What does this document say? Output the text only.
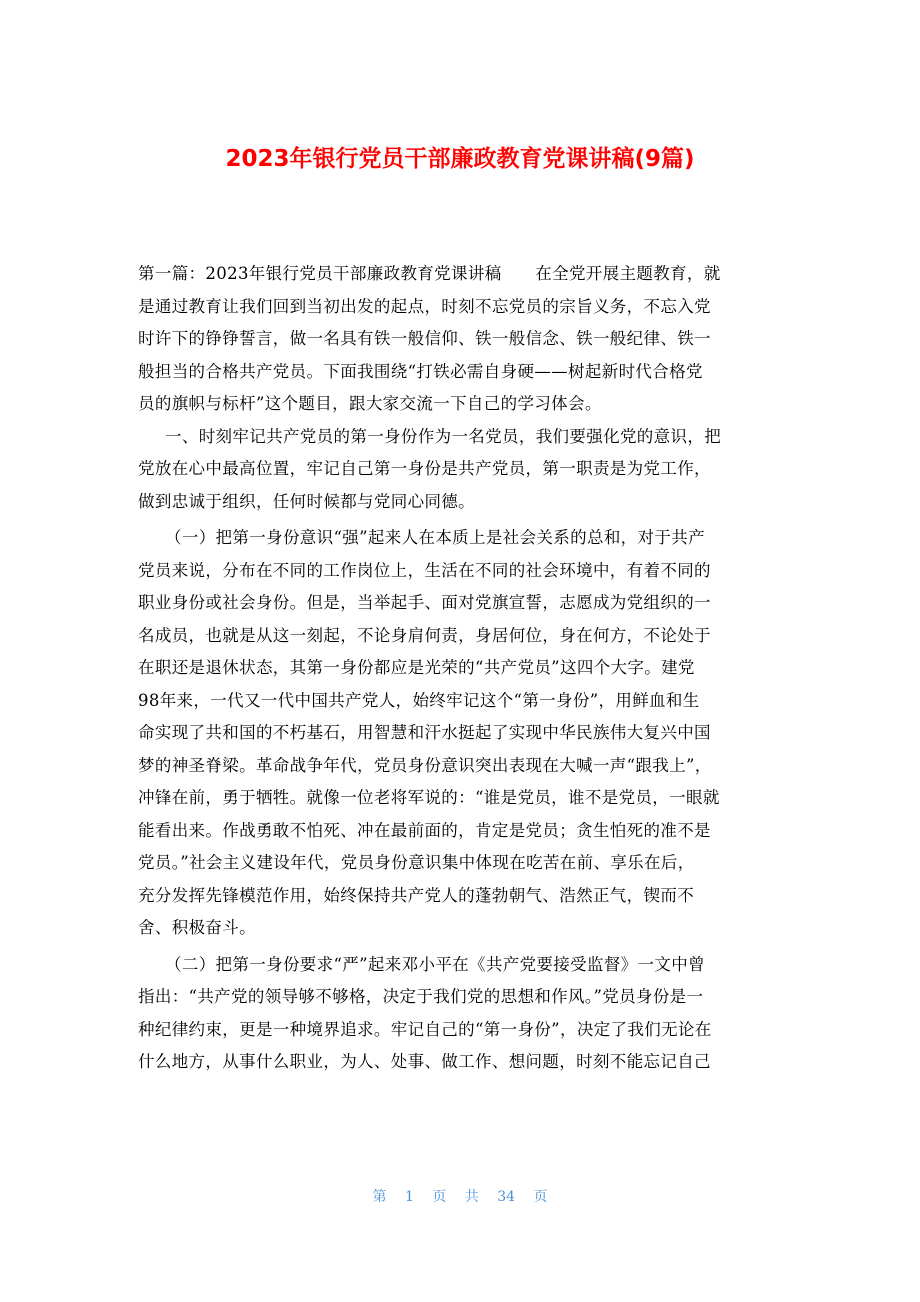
2023年银行党员干部廉政教育党课讲稿(9篇)
第一篇：2023年银行党员干部廉政教育党课讲稿　　在全党开展主题教育，就
是通过教育让我们回到当初出发的起点，时刻不忘党员的宗旨义务，不忘入党
时许下的铮铮誓言，做一名具有铁一般信仰、铁一般信念、铁一般纪律、铁一
般担当的合格共产党员。下面我围绕“打铁必需自身硬——树起新时代合格党
员的旗帜与标杆”这个题目，跟大家交流一下自己的学习体会。
一、时刻牢记共产党员的第一身份作为一名党员，我们要强化党的意识，把
党放在心中最高位置，牢记自己第一身份是共产党员，第一职责是为党工作，
做到忠诚于组织，任何时候都与党同心同德。
（一）把第一身份意识“强”起来人在本质上是社会关系的总和，对于共产
党员来说，分布在不同的工作岗位上，生活在不同的社会环境中，有着不同的
职业身份或社会身份。但是，当举起手、面对党旗宣誓，志愿成为党组织的一
名成员，也就是从这一刻起，不论身肩何责，身居何位，身在何方，不论处于
在职还是退休状态，其第一身份都应是光荣的“共产党员”这四个大字。建党
98年来，一代又一代中国共产党人，始终牢记这个“第一身份”，用鲜血和生
命实现了共和国的不朽基石，用智慧和汗水挺起了实现中华民族伟大复兴中国
梦的神圣脊梁。革命战争年代，党员身份意识突出表现在大喊一声“跟我上”，
冲锋在前，勇于牺牲。就像一位老将军说的：“谁是党员，谁不是党员，一眼就
能看出来。作战勇敢不怕死、冲在最前面的，肯定是党员；贪生怕死的准不是
党员。”社会主义建设年代，党员身份意识集中体现在吃苦在前、享乐在后，
充分发挥先锋模范作用，始终保持共产党人的蓬勃朝气、浩然正气，锲而不
舍、积极奋斗。
（二）把第一身份要求“严”起来邓小平在《共产党要接受监督》一文中曾
指出：“共产党的领导够不够格，决定于我们党的思想和作风。”党员身份是一
种纪律约束，更是一种境界追求。牢记自己的“第一身份”，决定了我们无论在
什么地方，从事什么职业，为人、处事、做工作、想问题，时刻不能忘记自己
第 1 页 共 34 页
